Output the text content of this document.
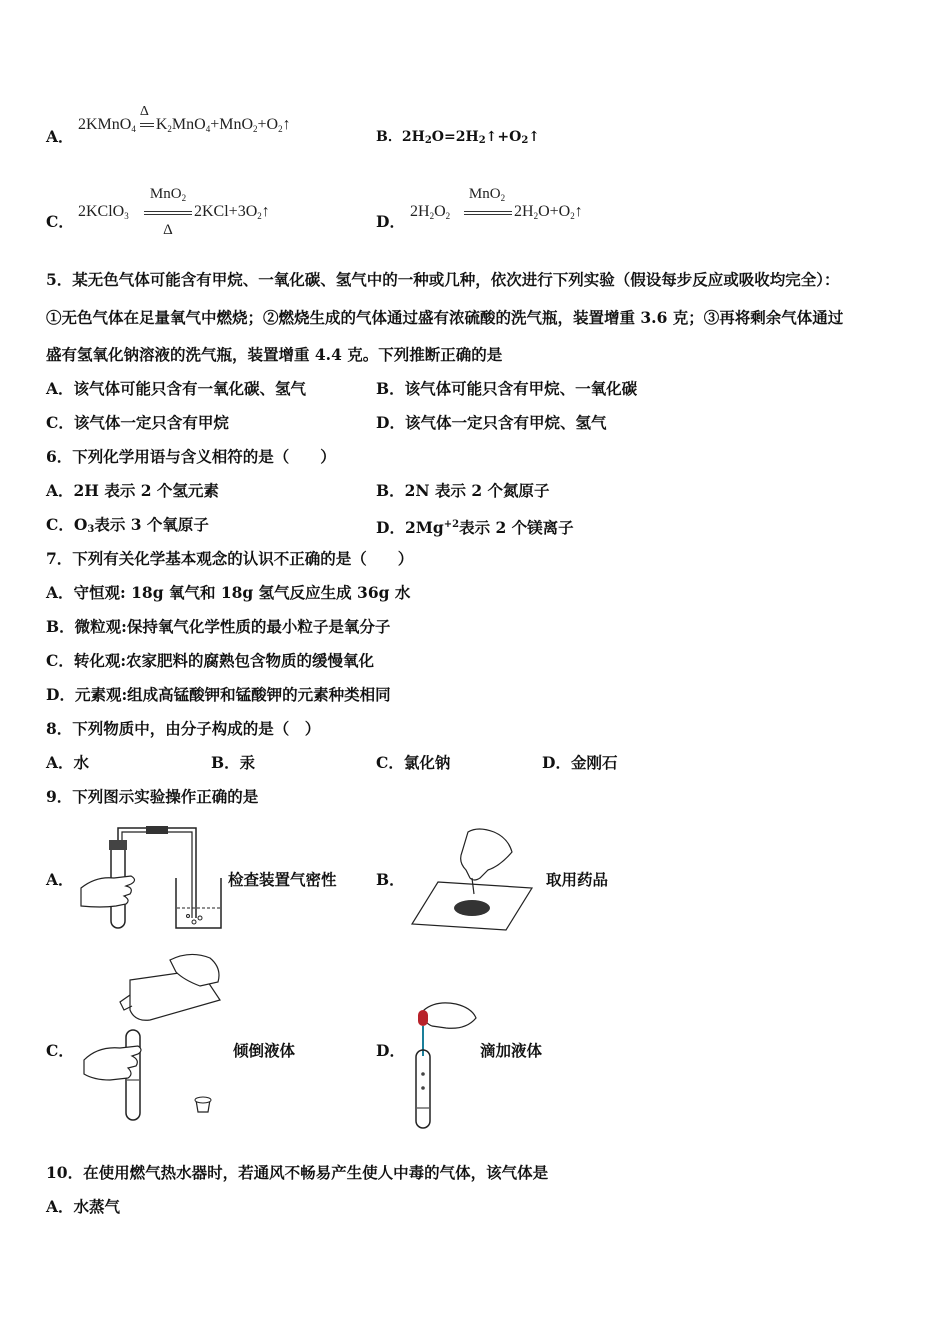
A．
2KMnO$_4$
Δ
$K_2MnO_4+MnO_2+O_2↑$
B．$2H_2O=2H_2↑+O_2↑$
C．
2KClO$_3$
MnO$_2$
Δ
$2KCl+3O_2↑$
D．
$2H_2O_2$
MnO$_2$
$2H_2O+O_2↑$
5．某无色气体可能含有甲烷、一氧化碳、氢气中的一种或几种，依次进行下列实验（假设每步反应或吸收均完全）：
①无色气体在足量氧气中燃烧；②燃烧生成的气体通过盛有浓硫酸的洗气瓶，装置增重 3.6 克；③再将剩余气体通过
盛有氢氧化钠溶液的洗气瓶，装置增重 4.4 克。下列推断正确的是
A．该气体可能只含有一氧化碳、氢气	B．该气体可能只含有甲烷、一氧化碳
C．该气体一定只含有甲烷	D．该气体一定只含有甲烷、氢气
6．下列化学用语与含义相符的是（　　）
A．2H 表示 2 个氢元素	B．2N 表示 2 个氮原子
C．$O_3$表示 3 个氧原子	D．$2Mg^{+2}$表示 2 个镁离子
7．下列有关化学基本观念的认识不正确的是（　　）
A．守恒观: 18g 氧气和 18g 氢气反应生成 36g 水
B．微粒观:保持氧气化学性质的最小粒子是氧分子
C．转化观:农家肥料的腐熟包含物质的缓慢氧化
D．元素观:组成高锰酸钾和锰酸钾的元素种类相同
8．下列物质中，由分子构成的是（　）
A．水	B．汞	C．氯化钠	D．金刚石
9．下列图示实验操作正确的是
A．	检查装置气密性	B．	取用药品
C．	倾倒液体	D．	滴加液体
10．在使用燃气热水器时，若通风不畅易产生使人中毒的气体，该气体是
A．水蒸气
